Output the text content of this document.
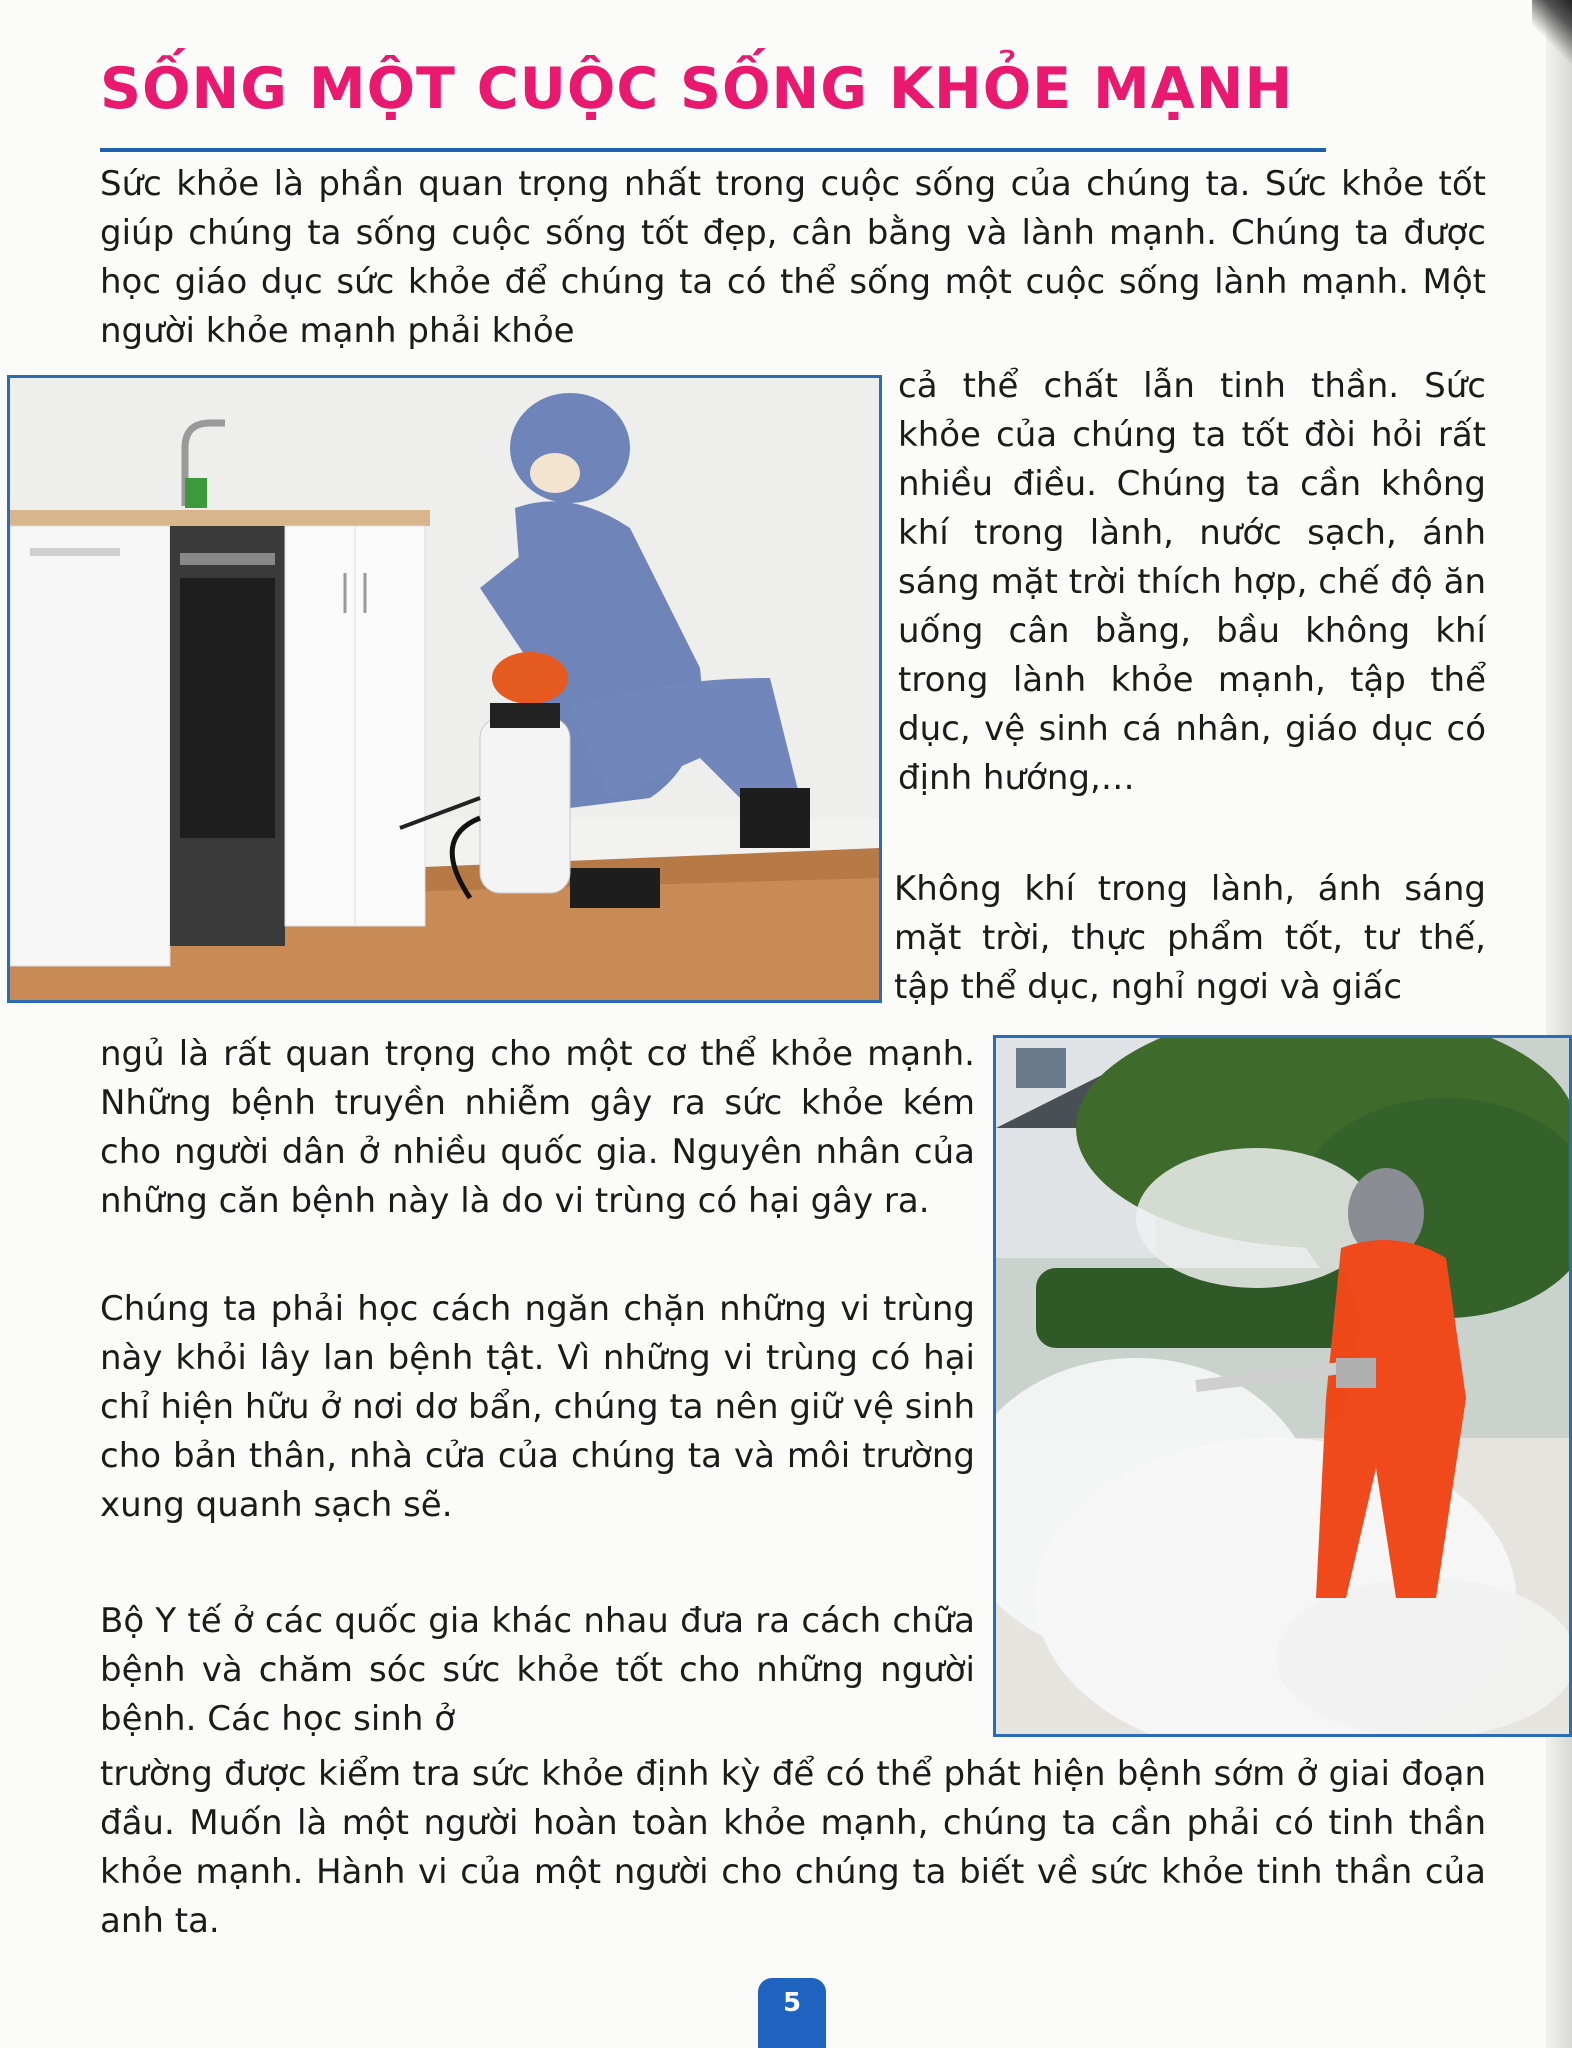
SỐNG MỘT CUỘC SỐNG KHỎE MẠNH

Sức khỏe là phần quan trọng nhất trong cuộc sống của chúng ta. Sức khỏe tốt giúp chúng ta sống cuộc sống tốt đẹp, cân bằng và lành mạnh. Chúng ta được học giáo dục sức khỏe để chúng ta có thể sống một cuộc sống lành mạnh. Một người khỏe mạnh phải khỏe

cả thể chất lẫn tinh thần. Sức khỏe của chúng ta tốt đòi hỏi rất nhiều điều. Chúng ta cần không khí trong lành, nước sạch, ánh sáng mặt trời thích hợp, chế độ ăn uống cân bằng, bầu không khí trong lành khỏe mạnh, tập thể dục, vệ sinh cá nhân, giáo dục có định hướng,…

Không khí trong lành, ánh sáng mặt trời, thực phẩm tốt, tư thế, tập thể dục, nghỉ ngơi và giấc

ngủ là rất quan trọng cho một cơ thể khỏe mạnh. Những bệnh truyền nhiễm gây ra sức khỏe kém cho người dân ở nhiều quốc gia. Nguyên nhân của những căn bệnh này là do vi trùng có hại gây ra.

Chúng ta phải học cách ngăn chặn những vi trùng này khỏi lây lan bệnh tật. Vì những vi trùng có hại chỉ hiện hữu ở nơi dơ bẩn, chúng ta nên giữ vệ sinh cho bản thân, nhà cửa của chúng ta và môi trường xung quanh sạch sẽ.

Bộ Y tế ở các quốc gia khác nhau đưa ra cách chữa bệnh và chăm sóc sức khỏe tốt cho những người bệnh. Các học sinh ở

trường được kiểm tra sức khỏe định kỳ để có thể phát hiện bệnh sớm ở giai đoạn đầu. Muốn là một người hoàn toàn khỏe mạnh, chúng ta cần phải có tinh thần khỏe mạnh. Hành vi của một người cho chúng ta biết về sức khỏe tinh thần của anh ta.

5
